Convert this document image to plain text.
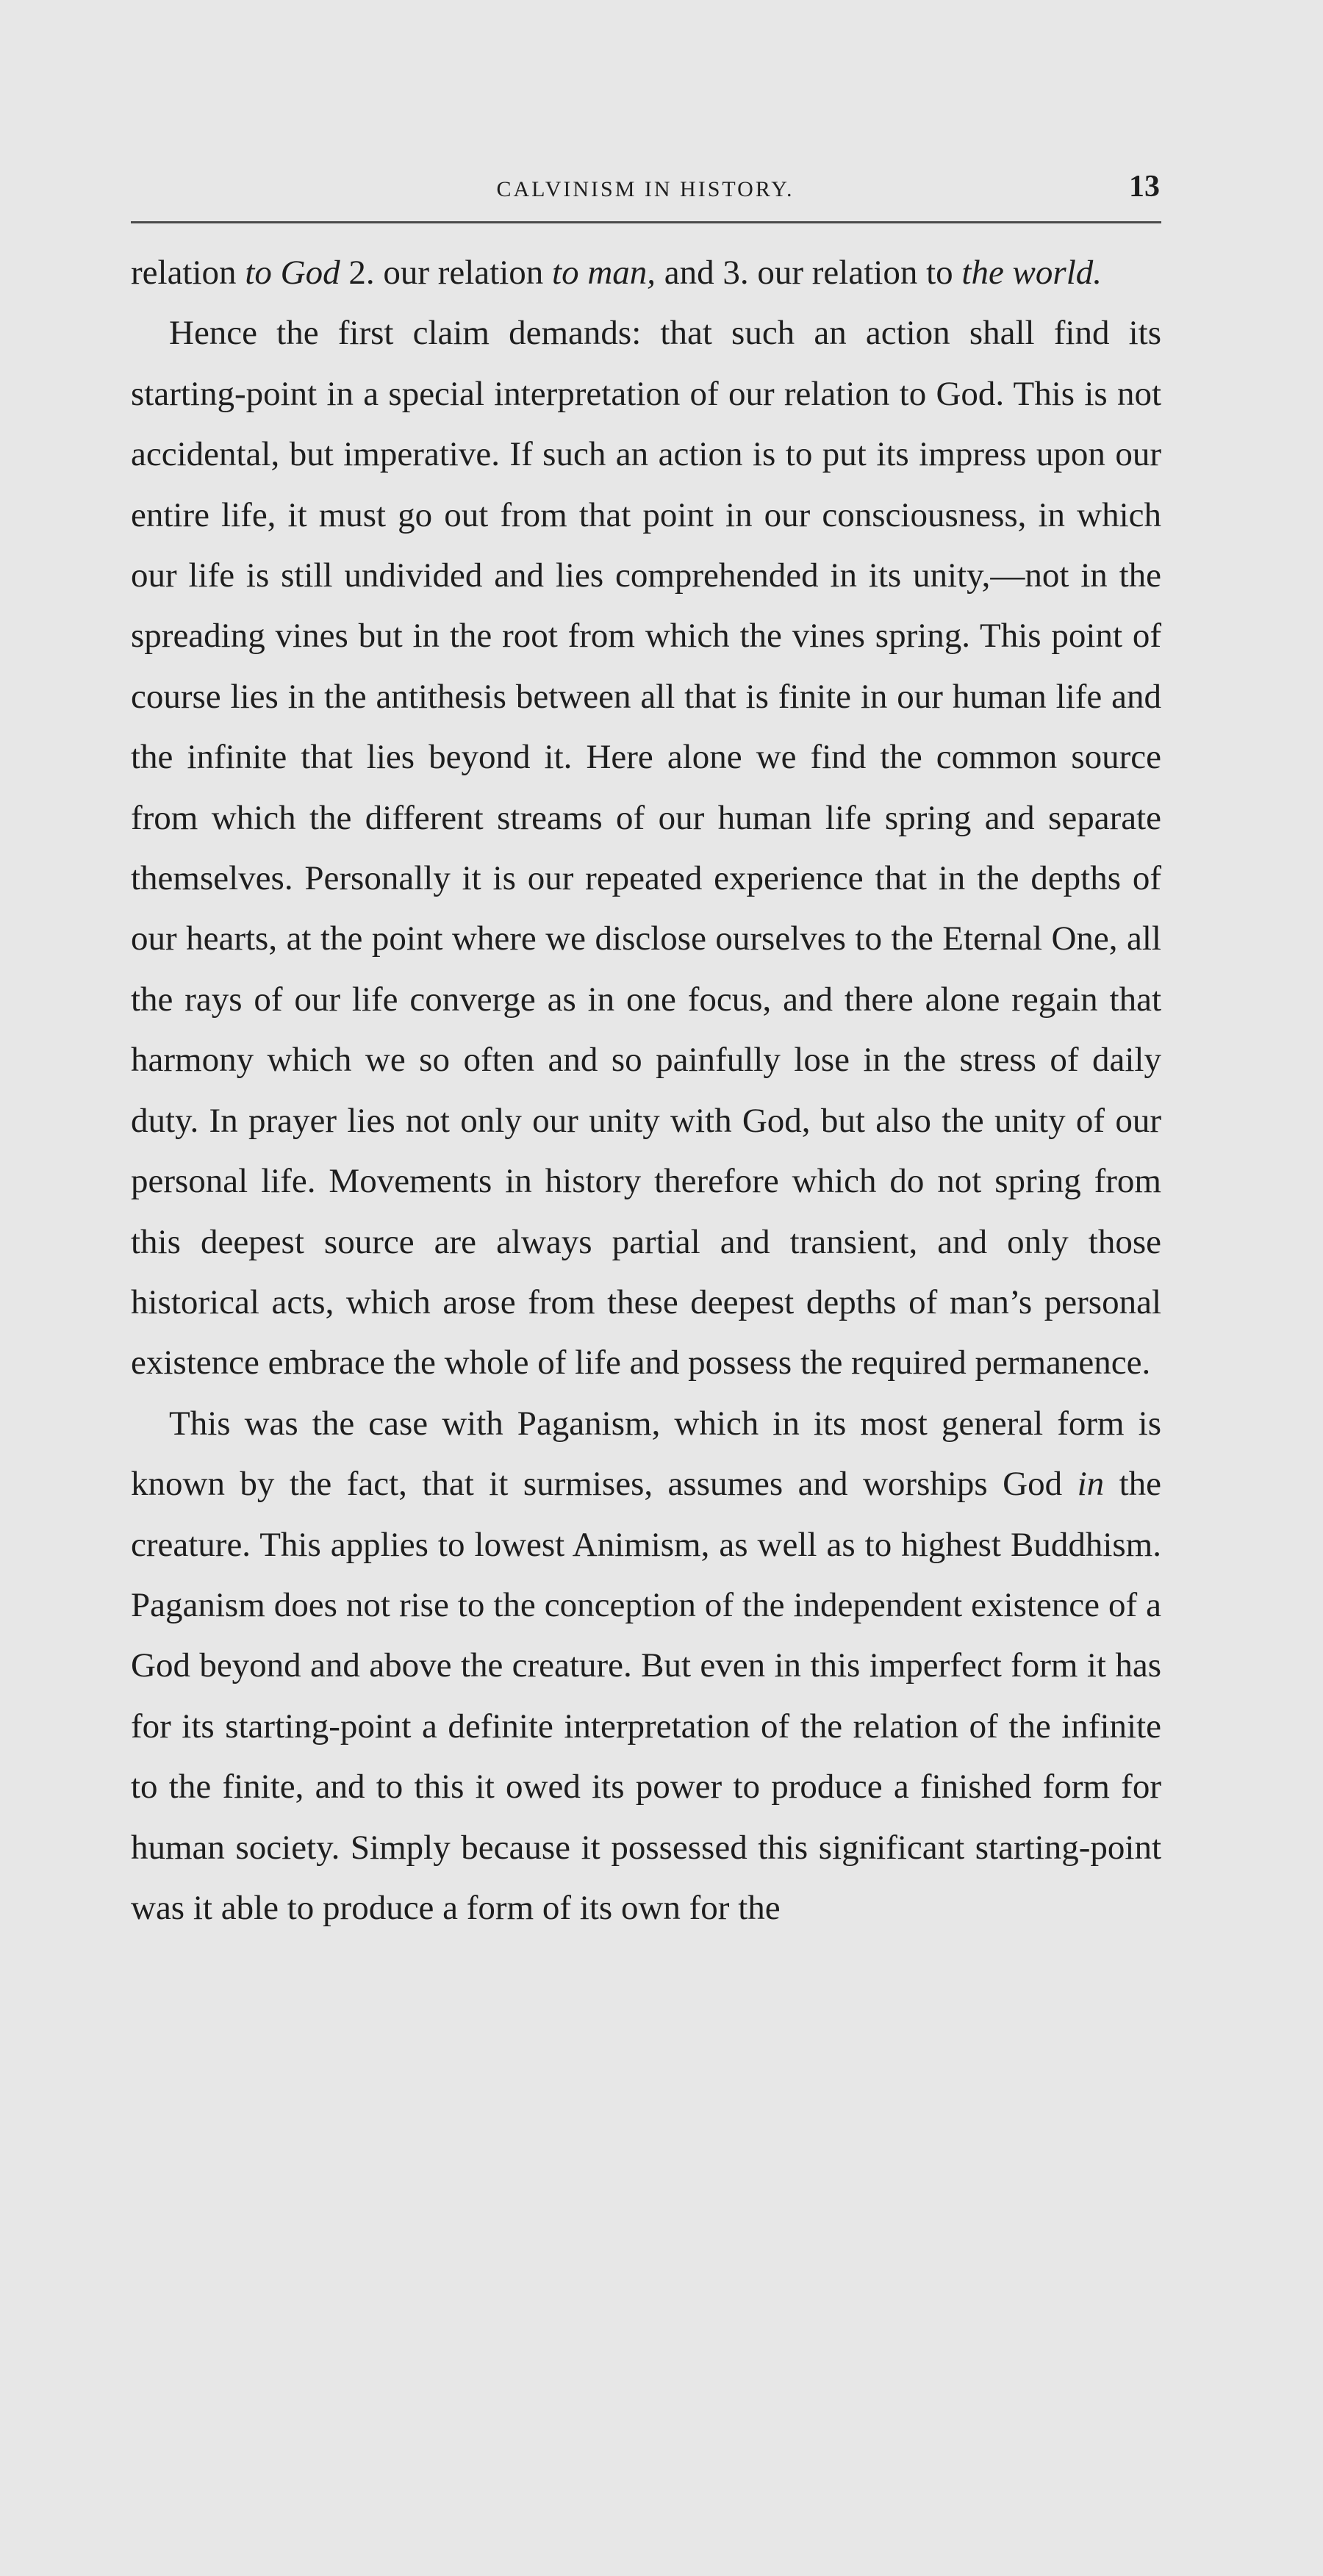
CALVINISM IN HISTORY.	13

relation to God 2. our relation to man, and 3. our relation to the world.

Hence the first claim demands: that such an action shall find its starting-point in a special interpretation of our relation to God. This is not accidental, but imperative. If such an action is to put its impress upon our entire life, it must go out from that point in our consciousness, in which our life is still undivided and lies comprehended in its unity,—not in the spreading vines but in the root from which the vines spring. This point of course lies in the antithesis between all that is finite in our human life and the infinite that lies beyond it. Here alone we find the common source from which the different streams of our human life spring and separate themselves. Personally it is our repeated experience that in the depths of our hearts, at the point where we disclose ourselves to the Eternal One, all the rays of our life converge as in one focus, and there alone regain that harmony which we so often and so painfully lose in the stress of daily duty. In prayer lies not only our unity with God, but also the unity of our personal life. Movements in history therefore which do not spring from this deepest source are always partial and transient, and only those historical acts, which arose from these deepest depths of man’s personal existence embrace the whole of life and possess the required permanence.

This was the case with Paganism, which in its most general form is known by the fact, that it surmises, assumes and worships God in the creature. This applies to lowest Animism, as well as to highest Buddhism. Paganism does not rise to the conception of the independent existence of a God beyond and above the creature. But even in this imperfect form it has for its starting-point a definite interpretation of the relation of the infinite to the finite, and to this it owed its power to produce a finished form for human society. Simply because it possessed this significant starting-point was it able to produce a form of its own for the
